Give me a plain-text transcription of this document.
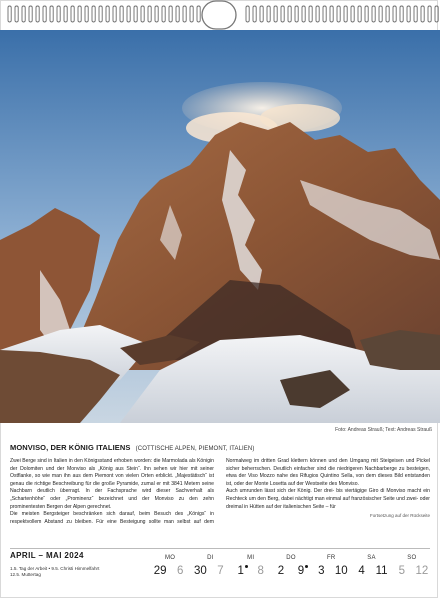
Foto: Andreas Strauß; Text: Andreas Strauß
MONVISO, DER KÖNIG ITALIENS (COTTISCHE ALPEN, PIEMONT, ITALIEN)

Zwei Berge sind in Italien in den Königsstand erhoben worden: die Marmolada als Königin der Dolomiten und der Monviso als „König aus Stein“. Ihn sehen wir hier mit seiner Ostflanke, so wie man ihn aus dem Piemont von vielen Orten erblickt. „Majestätisch“ ist genau die richtige Beschreibung für die große Pyramide, zumal er mit 3841 Metern seine Nachbarn deutlich überragt. In der Fachsprache wird dieser Sachverhalt als „Schartenhöhe“ oder „Prominenz“ bezeichnet und der Monviso zu den zehn prominentesten Bergen der Alpen gerechnet.

Die meisten Bergsteiger beschränken sich darauf, beim Besuch des „Königs“ in respektvollem Abstand zu bleiben. Für eine Besteigung sollte man selbst auf dem Normalweg im dritten Grad klettern können und den Umgang mit Steigeisen und Pickel sicher beherrschen. Deutlich einfacher sind die niedrigeren Nachbarberge zu besteigen, etwa der Viso Mozzo nahe des Rifugios Quintino Sella, von dem dieses Bild entstanden ist, oder der Monte Losetta auf der Westseite des Monviso.

Auch umrunden lässt sich der König. Der drei- bis viertägige Giro di Monviso macht ein Rechteck um den Berg, dabei nächtigt man einmal auf französischer Seite und zwei- oder dreimal in Hütten auf der italienischen Seite – für

Fortsetzung auf der Rückseite
APRIL – MAI 2024
1.5. Tag der Arbeit • 9.5. Christi Himmelfahrt
12.5. Muttertag
MO
29 6
DI
30 7
MI
1	8
DO
2	9
FR
3 10
SA
4 11
SO
5 12
